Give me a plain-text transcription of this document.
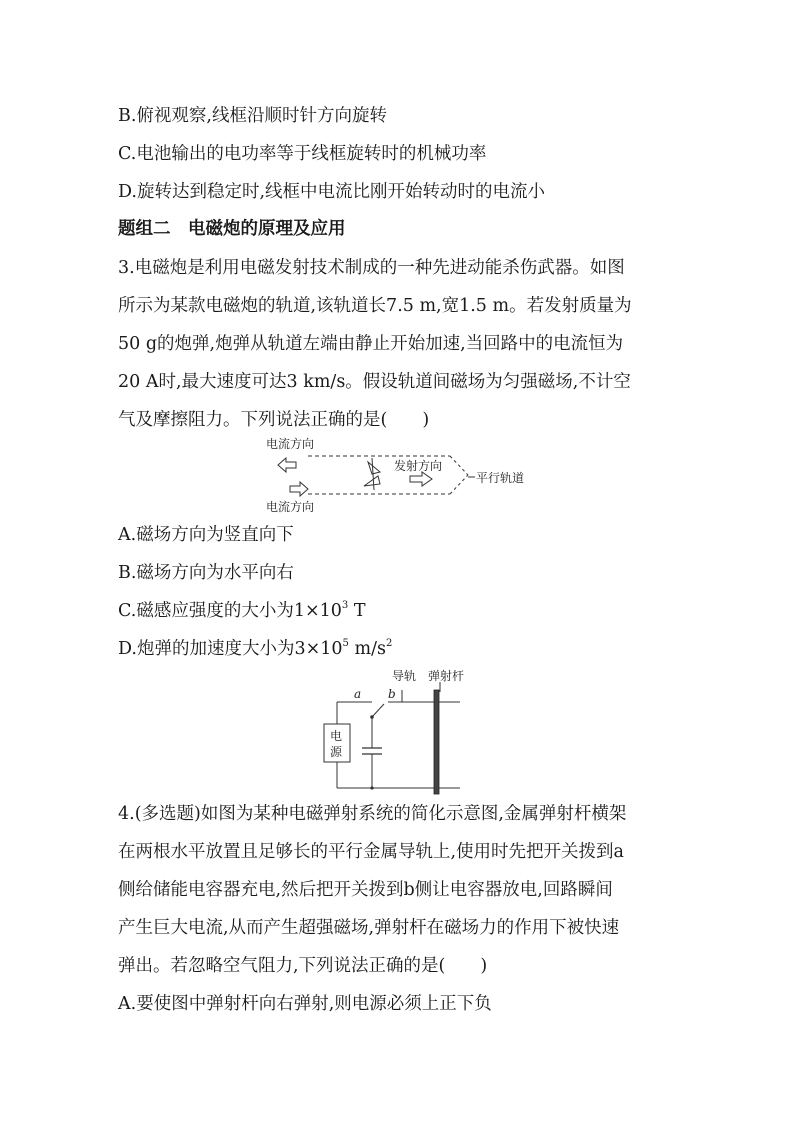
B.俯视观察,线框沿顺时针方向旋转
C.电池输出的电功率等于线框旋转时的机械功率
D.旋转达到稳定时,线框中电流比刚开始转动时的电流小
题组二　电磁炮的原理及应用
3.电磁炮是利用电磁发射技术制成的一种先进动能杀伤武器。如图
所示为某款电磁炮的轨道,该轨道长7.5 m,宽1.5 m。若发射质量为
50 g的炮弹,炮弹从轨道左端由静止开始加速,当回路中的电流恒为
20 A时,最大速度可达3 km/s。假设轨道间磁场为匀强磁场,不计空
气及摩擦阻力。下列说法正确的是(　　)
电流方向
电流方向
发射方向
平行轨道
A.磁场方向为竖直向下
B.磁场方向为水平向右
C.磁感应强度的大小为$1\times 10^3$ T
D.炮弹的加速度大小为$3\times 10^5$ $m/s^2$
电
源
a b
导轨 弹射杆
4.(多选题)如图为某种电磁弹射系统的简化示意图,金属弹射杆横架
在两根水平放置且足够长的平行金属导轨上,使用时先把开关拨到a
侧给储能电容器充电,然后把开关拨到b侧让电容器放电,回路瞬间
产生巨大电流,从而产生超强磁场,弹射杆在磁场力的作用下被快速
弹出。若忽略空气阻力,下列说法正确的是(　　)
A.要使图中弹射杆向右弹射,则电源必须上正下负
